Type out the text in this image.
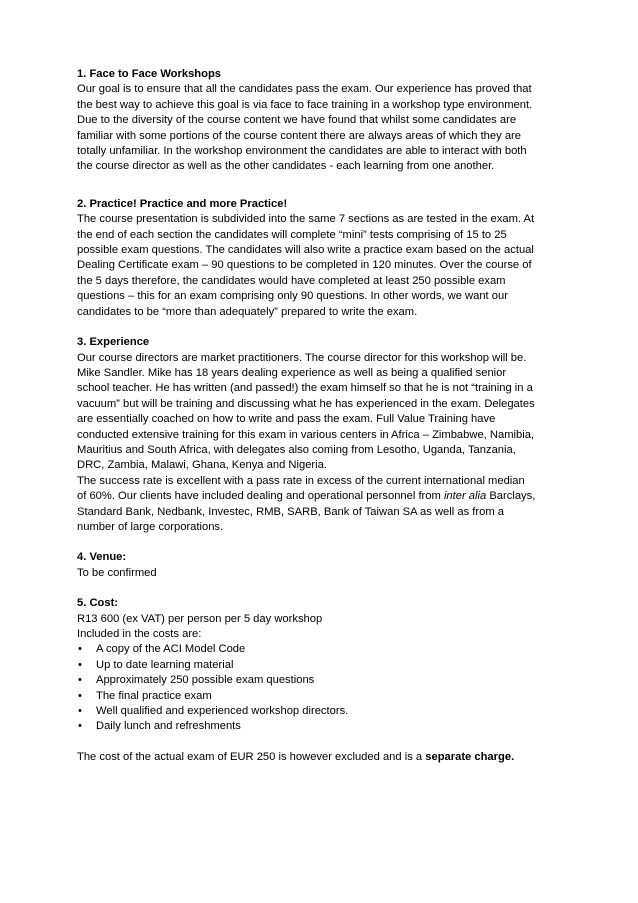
1. Face to Face Workshops
Our goal is to ensure that all the candidates pass the exam. Our experience has proved that
the best way to achieve this goal is via face to face training in a workshop type environment.
Due to the diversity of the course content we have found that whilst some candidates are
familiar with some portions of the course content there are always areas of which they are
totally unfamiliar. In the workshop environment the candidates are able to interact with both
the course director as well as the other candidates - each learning from one another.
2. Practice! Practice and more Practice!
The course presentation is subdivided into the same 7 sections as are tested in the exam. At
the end of each section the candidates will complete “mini” tests comprising of 15 to 25
possible exam questions. The candidates will also write a practice exam based on the actual
Dealing Certificate exam – 90 questions to be completed in 120 minutes. Over the course of
the 5 days therefore, the candidates would have completed at least 250 possible exam
questions – this for an exam comprising only 90 questions. In other words, we want our
candidates to be “more than adequately” prepared to write the exam.
3. Experience
Our course directors are market practitioners. The course director for this workshop will be.
Mike Sandler. Mike has 18 years dealing experience as well as being a qualified senior
school teacher. He has written (and passed!) the exam himself so that he is not “training in a
vacuum” but will be training and discussing what he has experienced in the exam. Delegates
are essentially coached on how to write and pass the exam. Full Value Training have
conducted extensive training for this exam in various centers in Africa – Zimbabwe, Namibia,
Mauritius and South Africa, with delegates also coming from Lesotho, Uganda, Tanzania,
DRC, Zambia, Malawi, Ghana, Kenya and Nigeria.
The success rate is excellent with a pass rate in excess of the current international median
of 60%. Our clients have included dealing and operational personnel from inter alia Barclays,
Standard Bank, Nedbank, Investec, RMB, SARB, Bank of Taiwan SA as well as from a
number of large corporations.
4. Venue:
To be confirmed
5. Cost:
R13 600 (ex VAT) per person per 5 day workshop
Included in the costs are:
• A copy of the ACI Model Code
• Up to date learning material
• Approximately 250 possible exam questions
• The final practice exam
• Well qualified and experienced workshop directors.
• Daily lunch and refreshments
The cost of the actual exam of EUR 250 is however excluded and is a separate charge.
